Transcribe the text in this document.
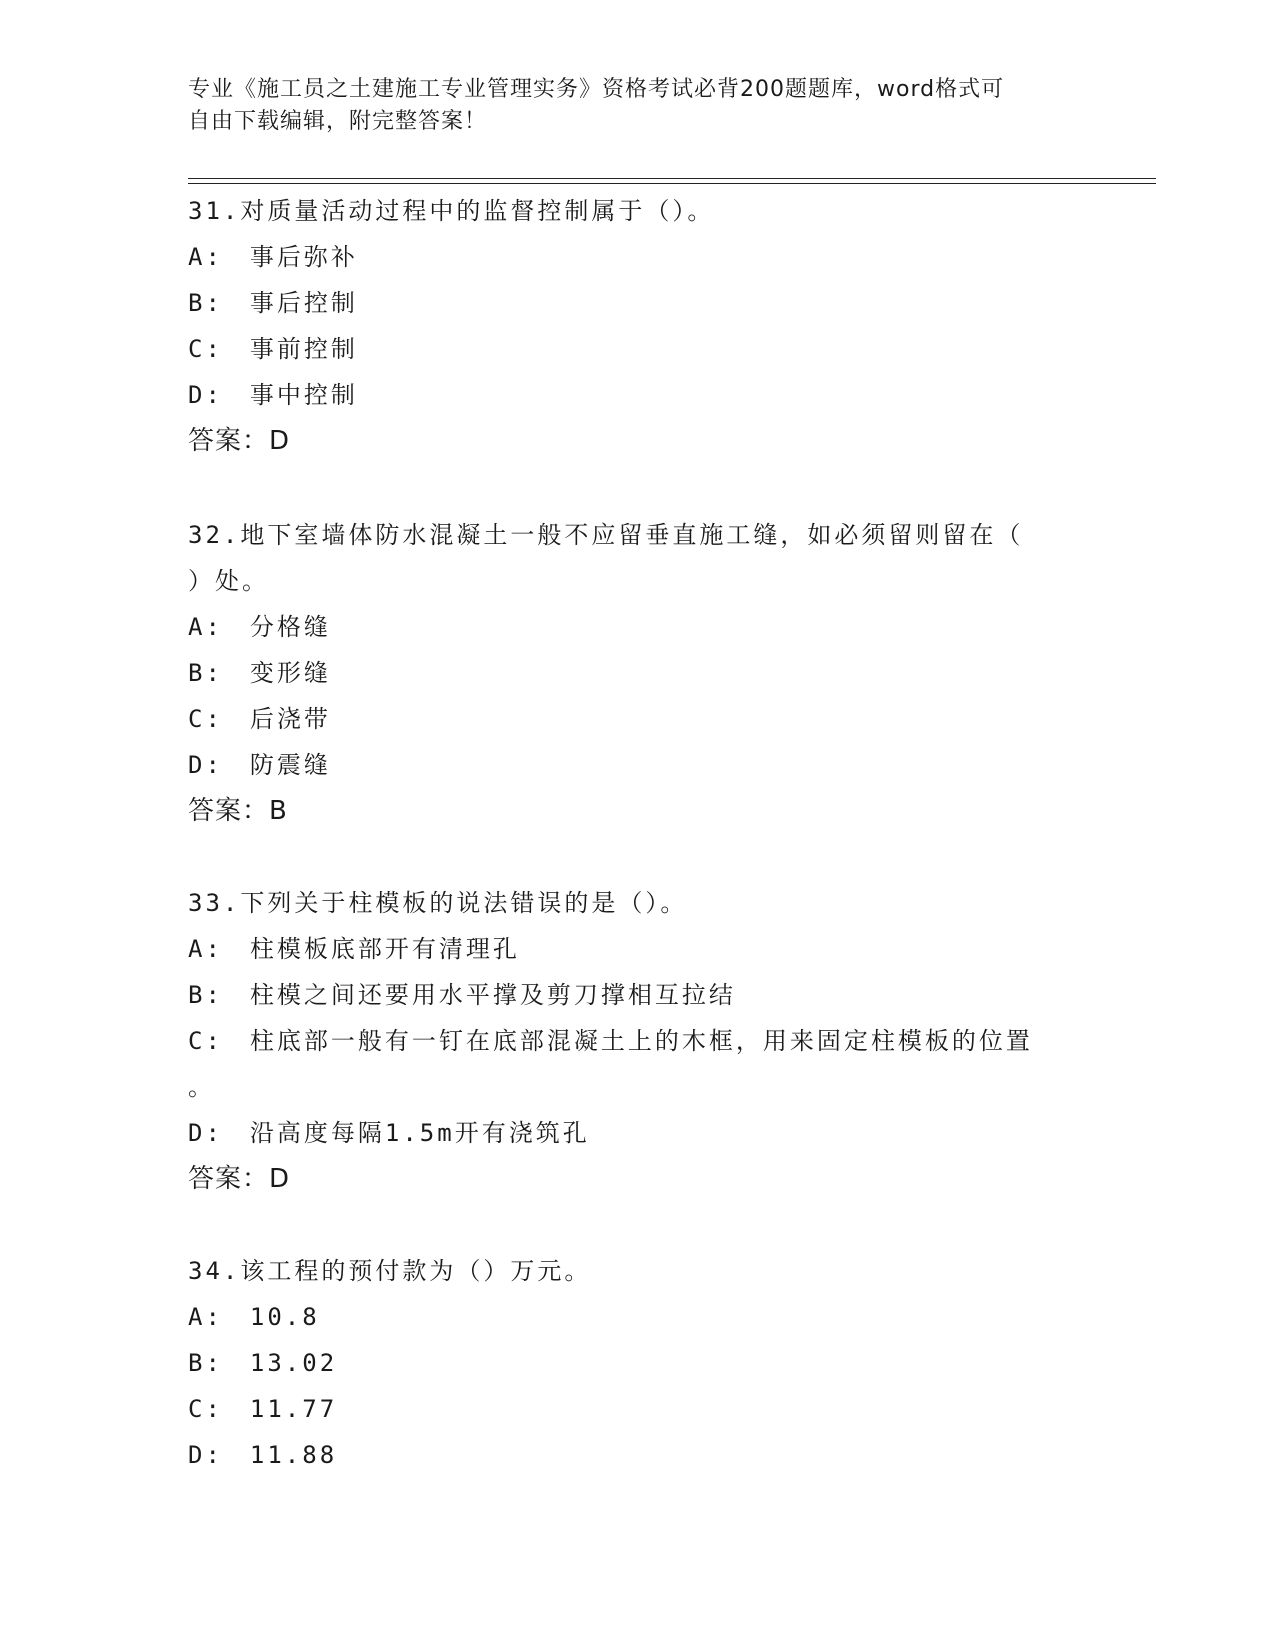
专业《施工员之土建施工专业管理实务》资格考试必背200题题库，word格式可
自由下载编辑，附完整答案！
31.对质量活动过程中的监督控制属于（）。
A:　事后弥补
B:　事后控制
C:　事前控制
D:　事中控制
答案：D
32.地下室墙体防水混凝土一般不应留垂直施工缝，如必须留则留在（
）处。
A:　分格缝
B:　变形缝
C:　后浇带
D:　防震缝
答案：B
33.下列关于柱模板的说法错误的是（）。
A:　柱模板底部开有清理孔
B:　柱模之间还要用水平撑及剪刀撑相互拉结
C:　柱底部一般有一钉在底部混凝土上的木框，用来固定柱模板的位置
。
D:　沿高度每隔1.5m开有浇筑孔
答案：D
34.该工程的预付款为（）万元。
A:　10.8
B:　13.02
C:　11.77
D:　11.88
